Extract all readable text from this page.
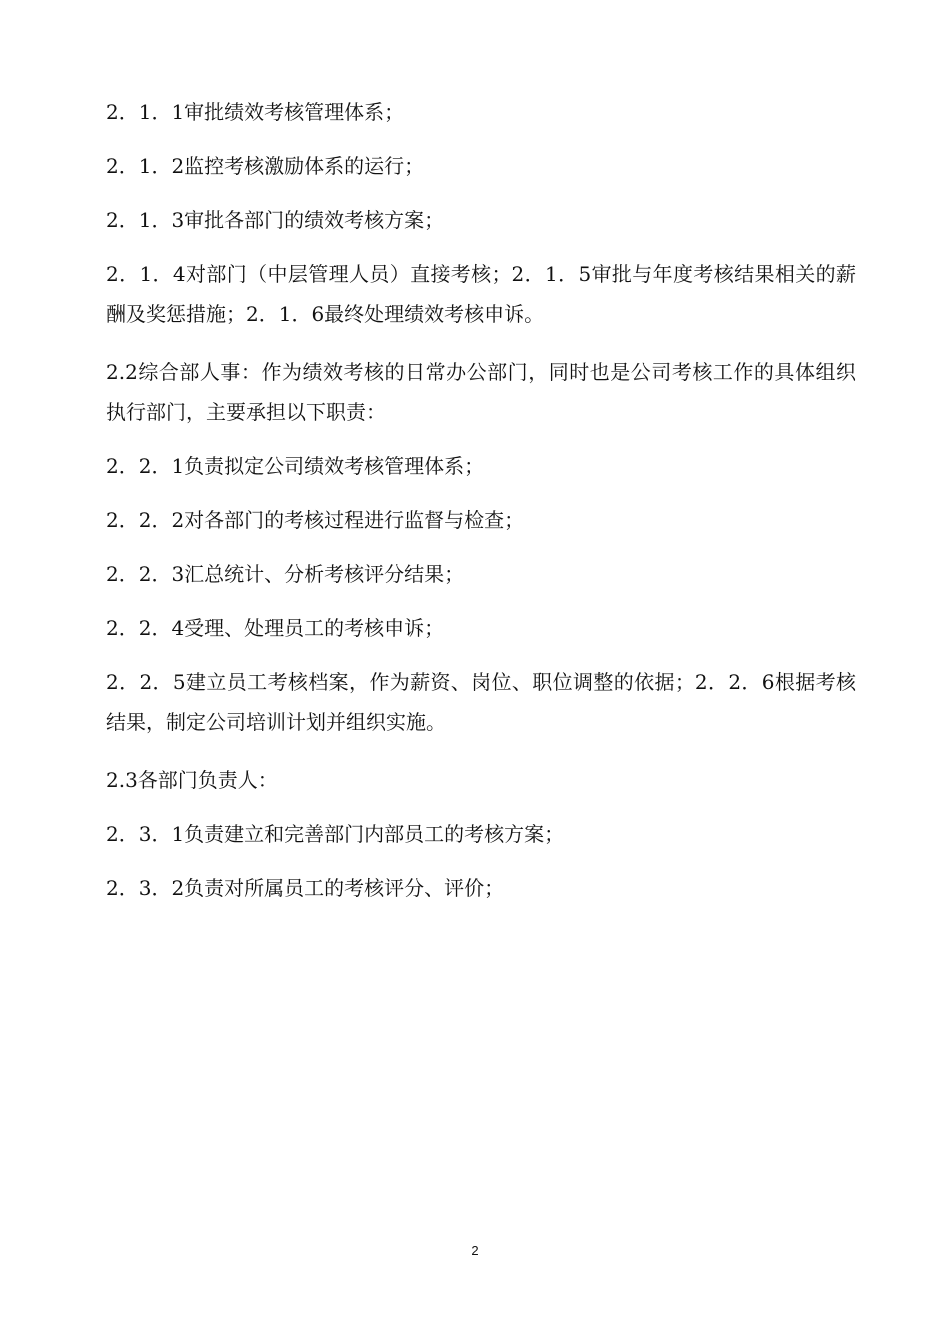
2．1．1审批绩效考核管理体系；

2．1．2监控考核激励体系的运行；

2．1．3审批各部门的绩效考核方案；

2．1．4对部门（中层管理人员）直接考核；2．1．5审批与年度考核结果相关的薪酬及奖惩措施；2．1．6最终处理绩效考核申诉。

2.2综合部人事：作为绩效考核的日常办公部门，同时也是公司考核工作的具体组织执行部门，主要承担以下职责：

2．2．1负责拟定公司绩效考核管理体系；

2．2．2对各部门的考核过程进行监督与检查；

2．2．3汇总统计、分析考核评分结果；

2．2．4受理、处理员工的考核申诉；

2．2．5建立员工考核档案，作为薪资、岗位、职位调整的依据；2．2．6根据考核结果，制定公司培训计划并组织实施。

2.3各部门负责人：

2．3．1负责建立和完善部门内部员工的考核方案；

2．3．2负责对所属员工的考核评分、评价；

2
